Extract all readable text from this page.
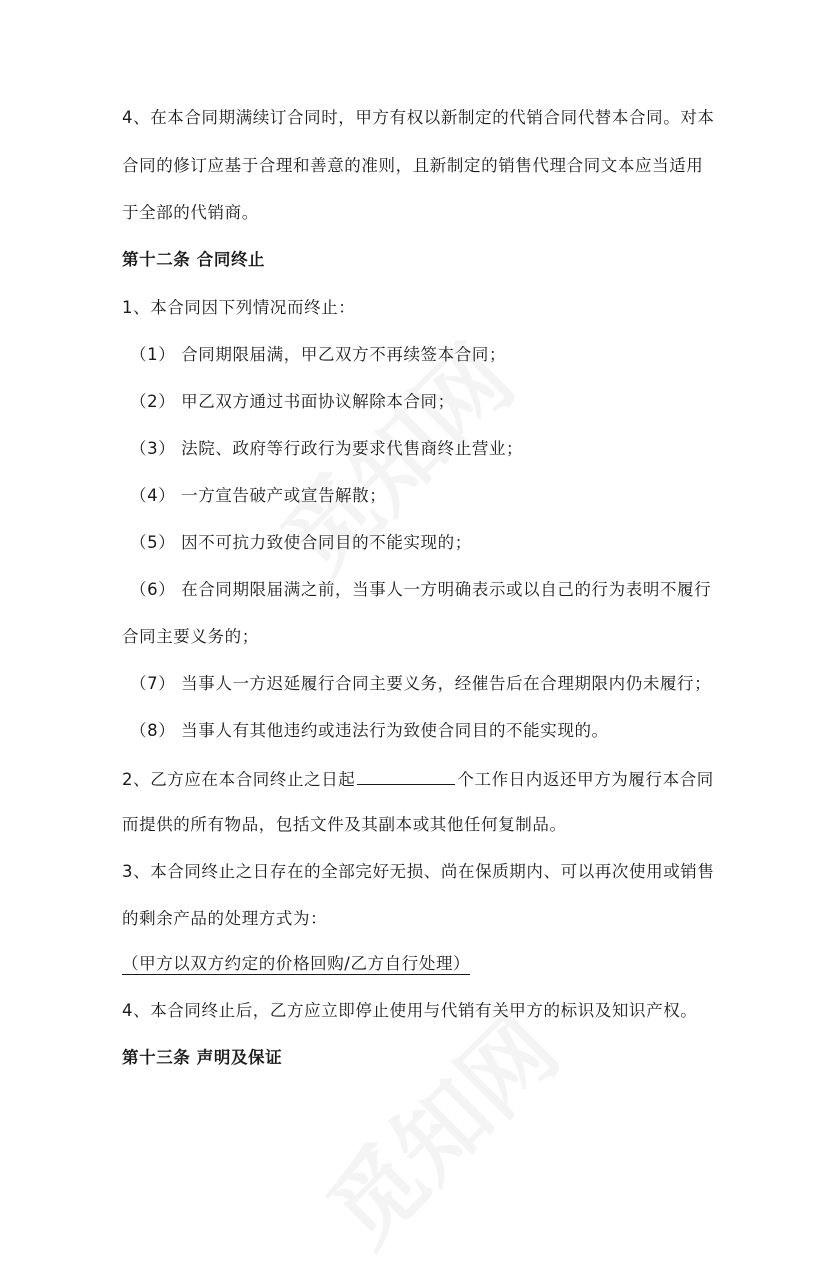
4、在本合同期满续订合同时，甲方有权以新制定的代销合同代替本合同。对本
合同的修订应基于合理和善意的准则，且新制定的销售代理合同文本应当适用
于全部的代销商。
第十二条 合同终止
1、本合同因下列情况而终止：
（1） 合同期限届满，甲乙双方不再续签本合同；
（2） 甲乙双方通过书面协议解除本合同；
（3） 法院、政府等行政行为要求代售商终止营业；
（4） 一方宣告破产或宣告解散；
（5） 因不可抗力致使合同目的不能实现的；
（6） 在合同期限届满之前，当事人一方明确表示或以自己的行为表明不履行
合同主要义务的；
（7） 当事人一方迟延履行合同主要义务，经催告后在合理期限内仍未履行；
（8） 当事人有其他违约或违法行为致使合同目的不能实现的。
2、乙方应在本合同终止之日起	个工作日内返还甲方为履行本合同
而提供的所有物品，包括文件及其副本或其他任何复制品。
3、本合同终止之日存在的全部完好无损、尚在保质期内、可以再次使用或销售
的剩余产品的处理方式为：
（甲方以双方约定的价格回购/乙方自行处理）
4、本合同终止后，乙方应立即停止使用与代销有关甲方的标识及知识产权。
第十三条 声明及保证
